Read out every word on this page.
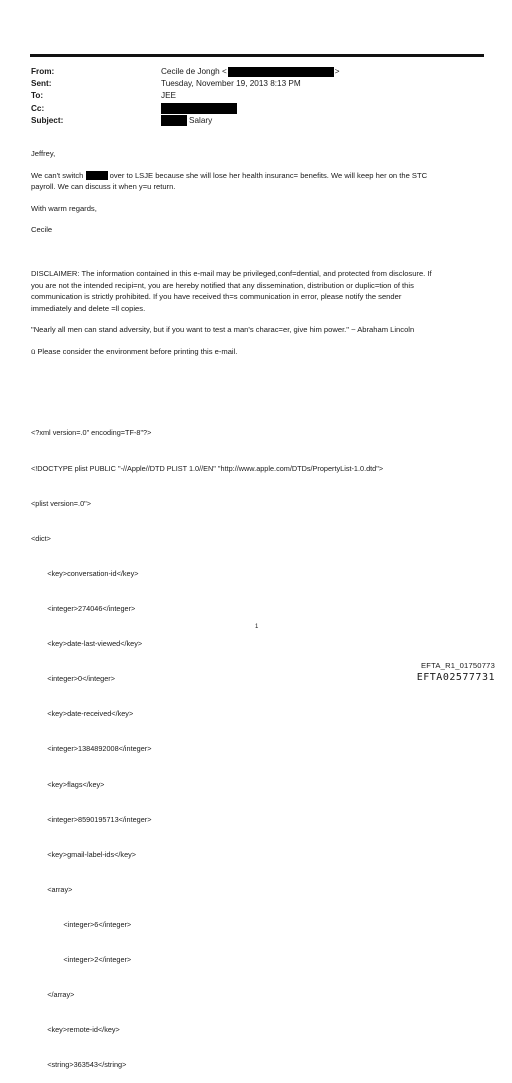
From:	Cecile de Jongh <	>
Sent:	Tuesday, November 19, 2013 8:13 PM
To:	JEE
Cc:
Subject:	Salary

Jeffrey,

We can't switch	over to LSJE because she will lose her health insuranc= benefits. We will keep her on the STC

payroll. We can discuss it when y=u return.

With warm regards,

Cecile

DISCLAIMER: The information contained in this e-mail may be privileged,conf=dential, and protected from disclosure. If

you are not the intended recipi=nt, you are hereby notified that any dissemination, distribution or duplic=tion of this

communication is strictly prohibited. If you have received th=s communication in error, please notify the sender

immediately and delete =ll copies.

"Nearly all men can stand adversity, but if you want to test a man's charac=er, give him power." ~ Abraham Lincoln

ü Please consider the environment before printing this e-mail.

<?xml version=.0" encoding=TF-8"?>

<!DOCTYPE plist PUBLIC "-//Apple//DTD PLIST 1.0//EN" "http://www.apple.com/DTDs/PropertyList-1.0.dtd">

<plist version=.0">

<dict>

<key>conversation-id</key>

<integer>274046</integer>

<key>date-last-viewed</key>

<integer>0</integer>

<key>date-received</key>

<integer>1384892008</integer>

<key>flags</key>

<integer>8590195713</integer>

<key>gmail-label-ids</key>

<array>

<integer>6</integer>

<integer>2</integer>

</array>

<key>remote-id</key>

<string>363543</string>

1
EFTA_R1_01750773
EFTA02577731
